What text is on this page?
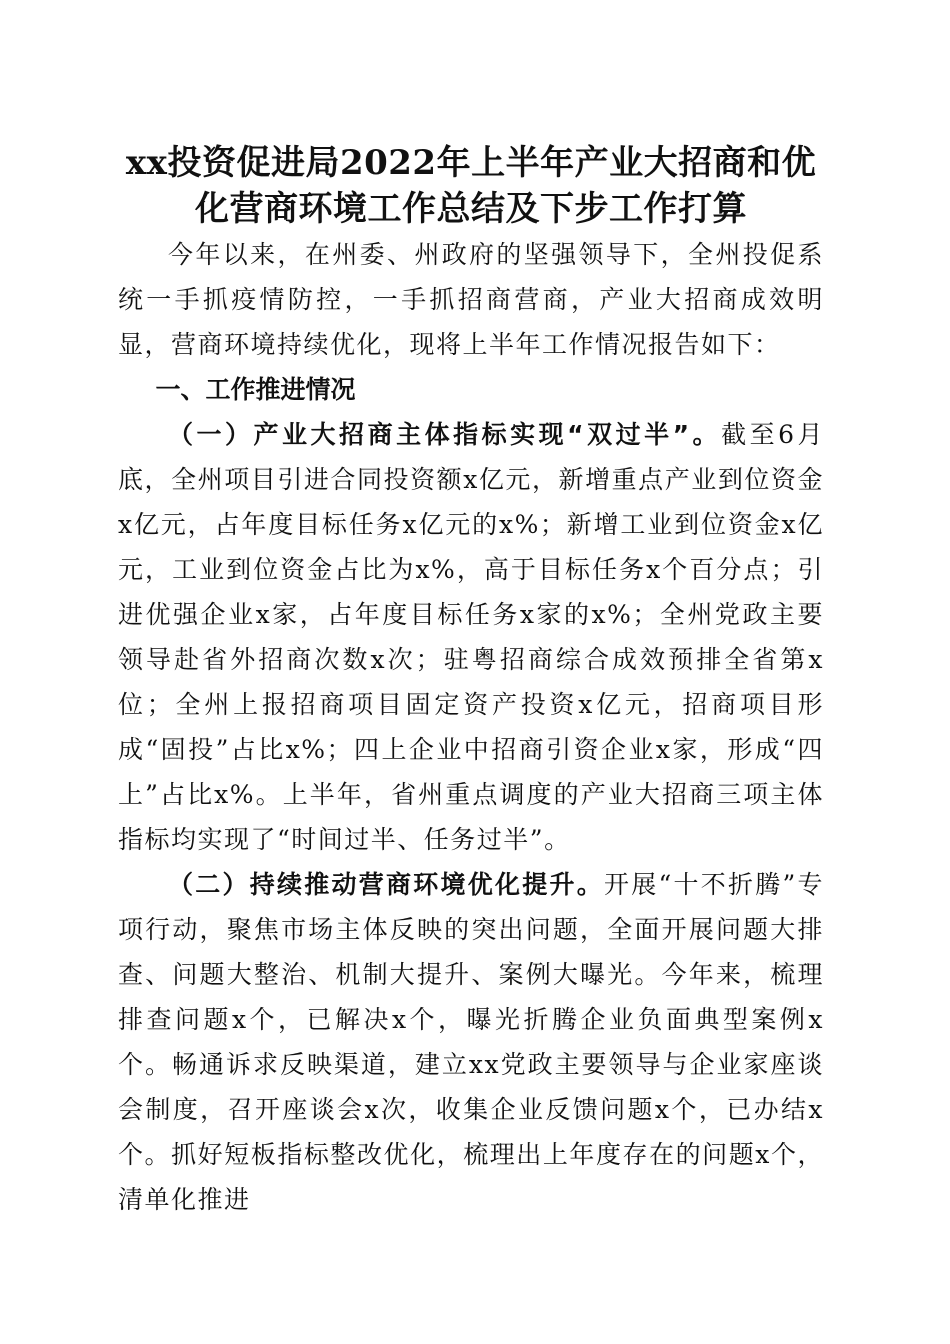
xx投资促进局2022年上半年产业大招商和优化营商环境工作总结及下步工作打算

今年以来，在州委、州政府的坚强领导下，全州投促系统一手抓疫情防控，一手抓招商营商，产业大招商成效明显，营商环境持续优化，现将上半年工作情况报告如下：

一、工作推进情况

（一）产业大招商主体指标实现“双过半”。截至6月底，全州项目引进合同投资额x亿元，新增重点产业到位资金x亿元，占年度目标任务x亿元的x%；新增工业到位资金x亿元，工业到位资金占比为x%，高于目标任务x个百分点；引进优强企业x家，占年度目标任务x家的x%；全州党政主要领导赴省外招商次数x次；驻粤招商综合成效预排全省第x位；全州上报招商项目固定资产投资x亿元，招商项目形成“固投”占比x%；四上企业中招商引资企业x家，形成“四上”占比x%。上半年，省州重点调度的产业大招商三项主体指标均实现了“时间过半、任务过半”。

（二）持续推动营商环境优化提升。开展“十不折腾”专项行动，聚焦市场主体反映的突出问题，全面开展问题大排查、问题大整治、机制大提升、案例大曝光。今年来，梳理排查问题x个，已解决x个，曝光折腾企业负面典型案例x个。畅通诉求反映渠道，建立xx党政主要领导与企业家座谈会制度，召开座谈会x次，收集企业反馈问题x个，已办结x个。抓好短板指标整改优化，梳理出上年度存在的问题x个，清单化推进
